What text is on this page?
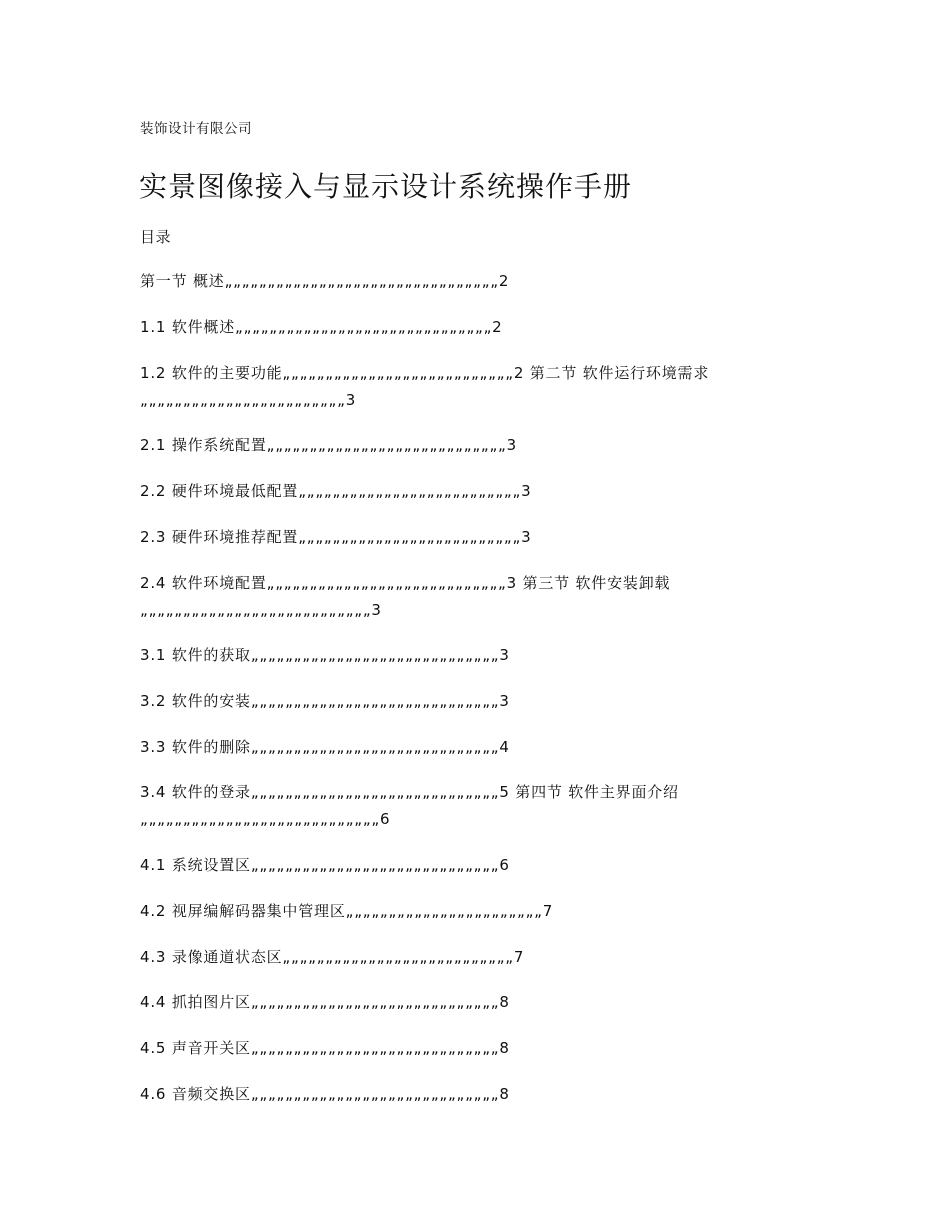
装饰设计有限公司
实景图像接入与显示设计系统操作手册
目录
第一节 概述„„„„„„„„„„„„„„„„„„„„„„„„„„„„„„„„2
1.1 软件概述„„„„„„„„„„„„„„„„„„„„„„„„„„„„„„2
1.2 软件的主要功能„„„„„„„„„„„„„„„„„„„„„„„„„„„2 第二节 软件运行环境需求„„„„„„„„„„„„„„„„„„„„„„„„3
2.1 操作系统配置„„„„„„„„„„„„„„„„„„„„„„„„„„„„3
2.2 硬件环境最低配置„„„„„„„„„„„„„„„„„„„„„„„„„„3
2.3 硬件环境推荐配置„„„„„„„„„„„„„„„„„„„„„„„„„„3
2.4 软件环境配置„„„„„„„„„„„„„„„„„„„„„„„„„„„„3 第三节 软件安装卸载„„„„„„„„„„„„„„„„„„„„„„„„„„„3
3.1 软件的获取„„„„„„„„„„„„„„„„„„„„„„„„„„„„„3
3.2 软件的安装„„„„„„„„„„„„„„„„„„„„„„„„„„„„„3
3.3 软件的删除„„„„„„„„„„„„„„„„„„„„„„„„„„„„„4
3.4 软件的登录„„„„„„„„„„„„„„„„„„„„„„„„„„„„„5 第四节 软件主界面介绍„„„„„„„„„„„„„„„„„„„„„„„„„„„„6
4.1 系统设置区„„„„„„„„„„„„„„„„„„„„„„„„„„„„„6
4.2 视屏编解码器集中管理区„„„„„„„„„„„„„„„„„„„„„„„7
4.3 录像通道状态区„„„„„„„„„„„„„„„„„„„„„„„„„„„7
4.4 抓拍图片区„„„„„„„„„„„„„„„„„„„„„„„„„„„„„8
4.5 声音开关区„„„„„„„„„„„„„„„„„„„„„„„„„„„„„8
4.6 音频交换区„„„„„„„„„„„„„„„„„„„„„„„„„„„„„8
